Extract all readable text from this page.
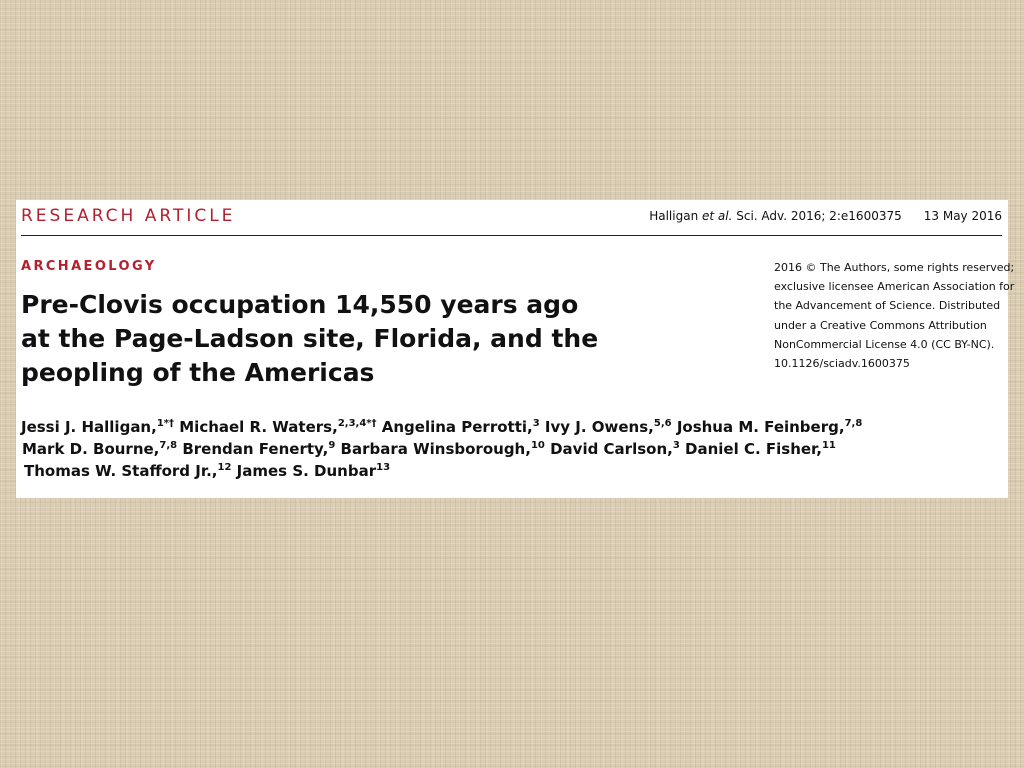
RESEARCH ARTICLE	Halligan et al. Sci. Adv. 2016; 2:e1600375 13 May 2016
ARCHAEOLOGY
Pre-Clovis occupation 14,550 years ago
at the Page-Ladson site, Florida, and the
peopling of the Americas
2016 © The Authors, some rights reserved;
exclusive licensee American Association for
the Advancement of Science. Distributed
under a Creative Commons Attribution
NonCommercial License 4.0 (CC BY-NC).
10.1126/sciadv.1600375
Jessi J. Halligan,$^{1*\dagger}$ Michael R. Waters,$^{2,3,4*\dagger}$ Angelina Perrotti,$^3$ Ivy J. Owens,$^{5,6}$ Joshua M. Feinberg,$^{7,8}$
Mark D. Bourne,$^{7,8}$ Brendan Fenerty,$^9$ Barbara Winsborough,$^{10}$ David Carlson,$^3$ Daniel C. Fisher,$^{11}$
Thomas W. Stafford Jr.,$^{12}$ James S. Dunbar$^{13}$
